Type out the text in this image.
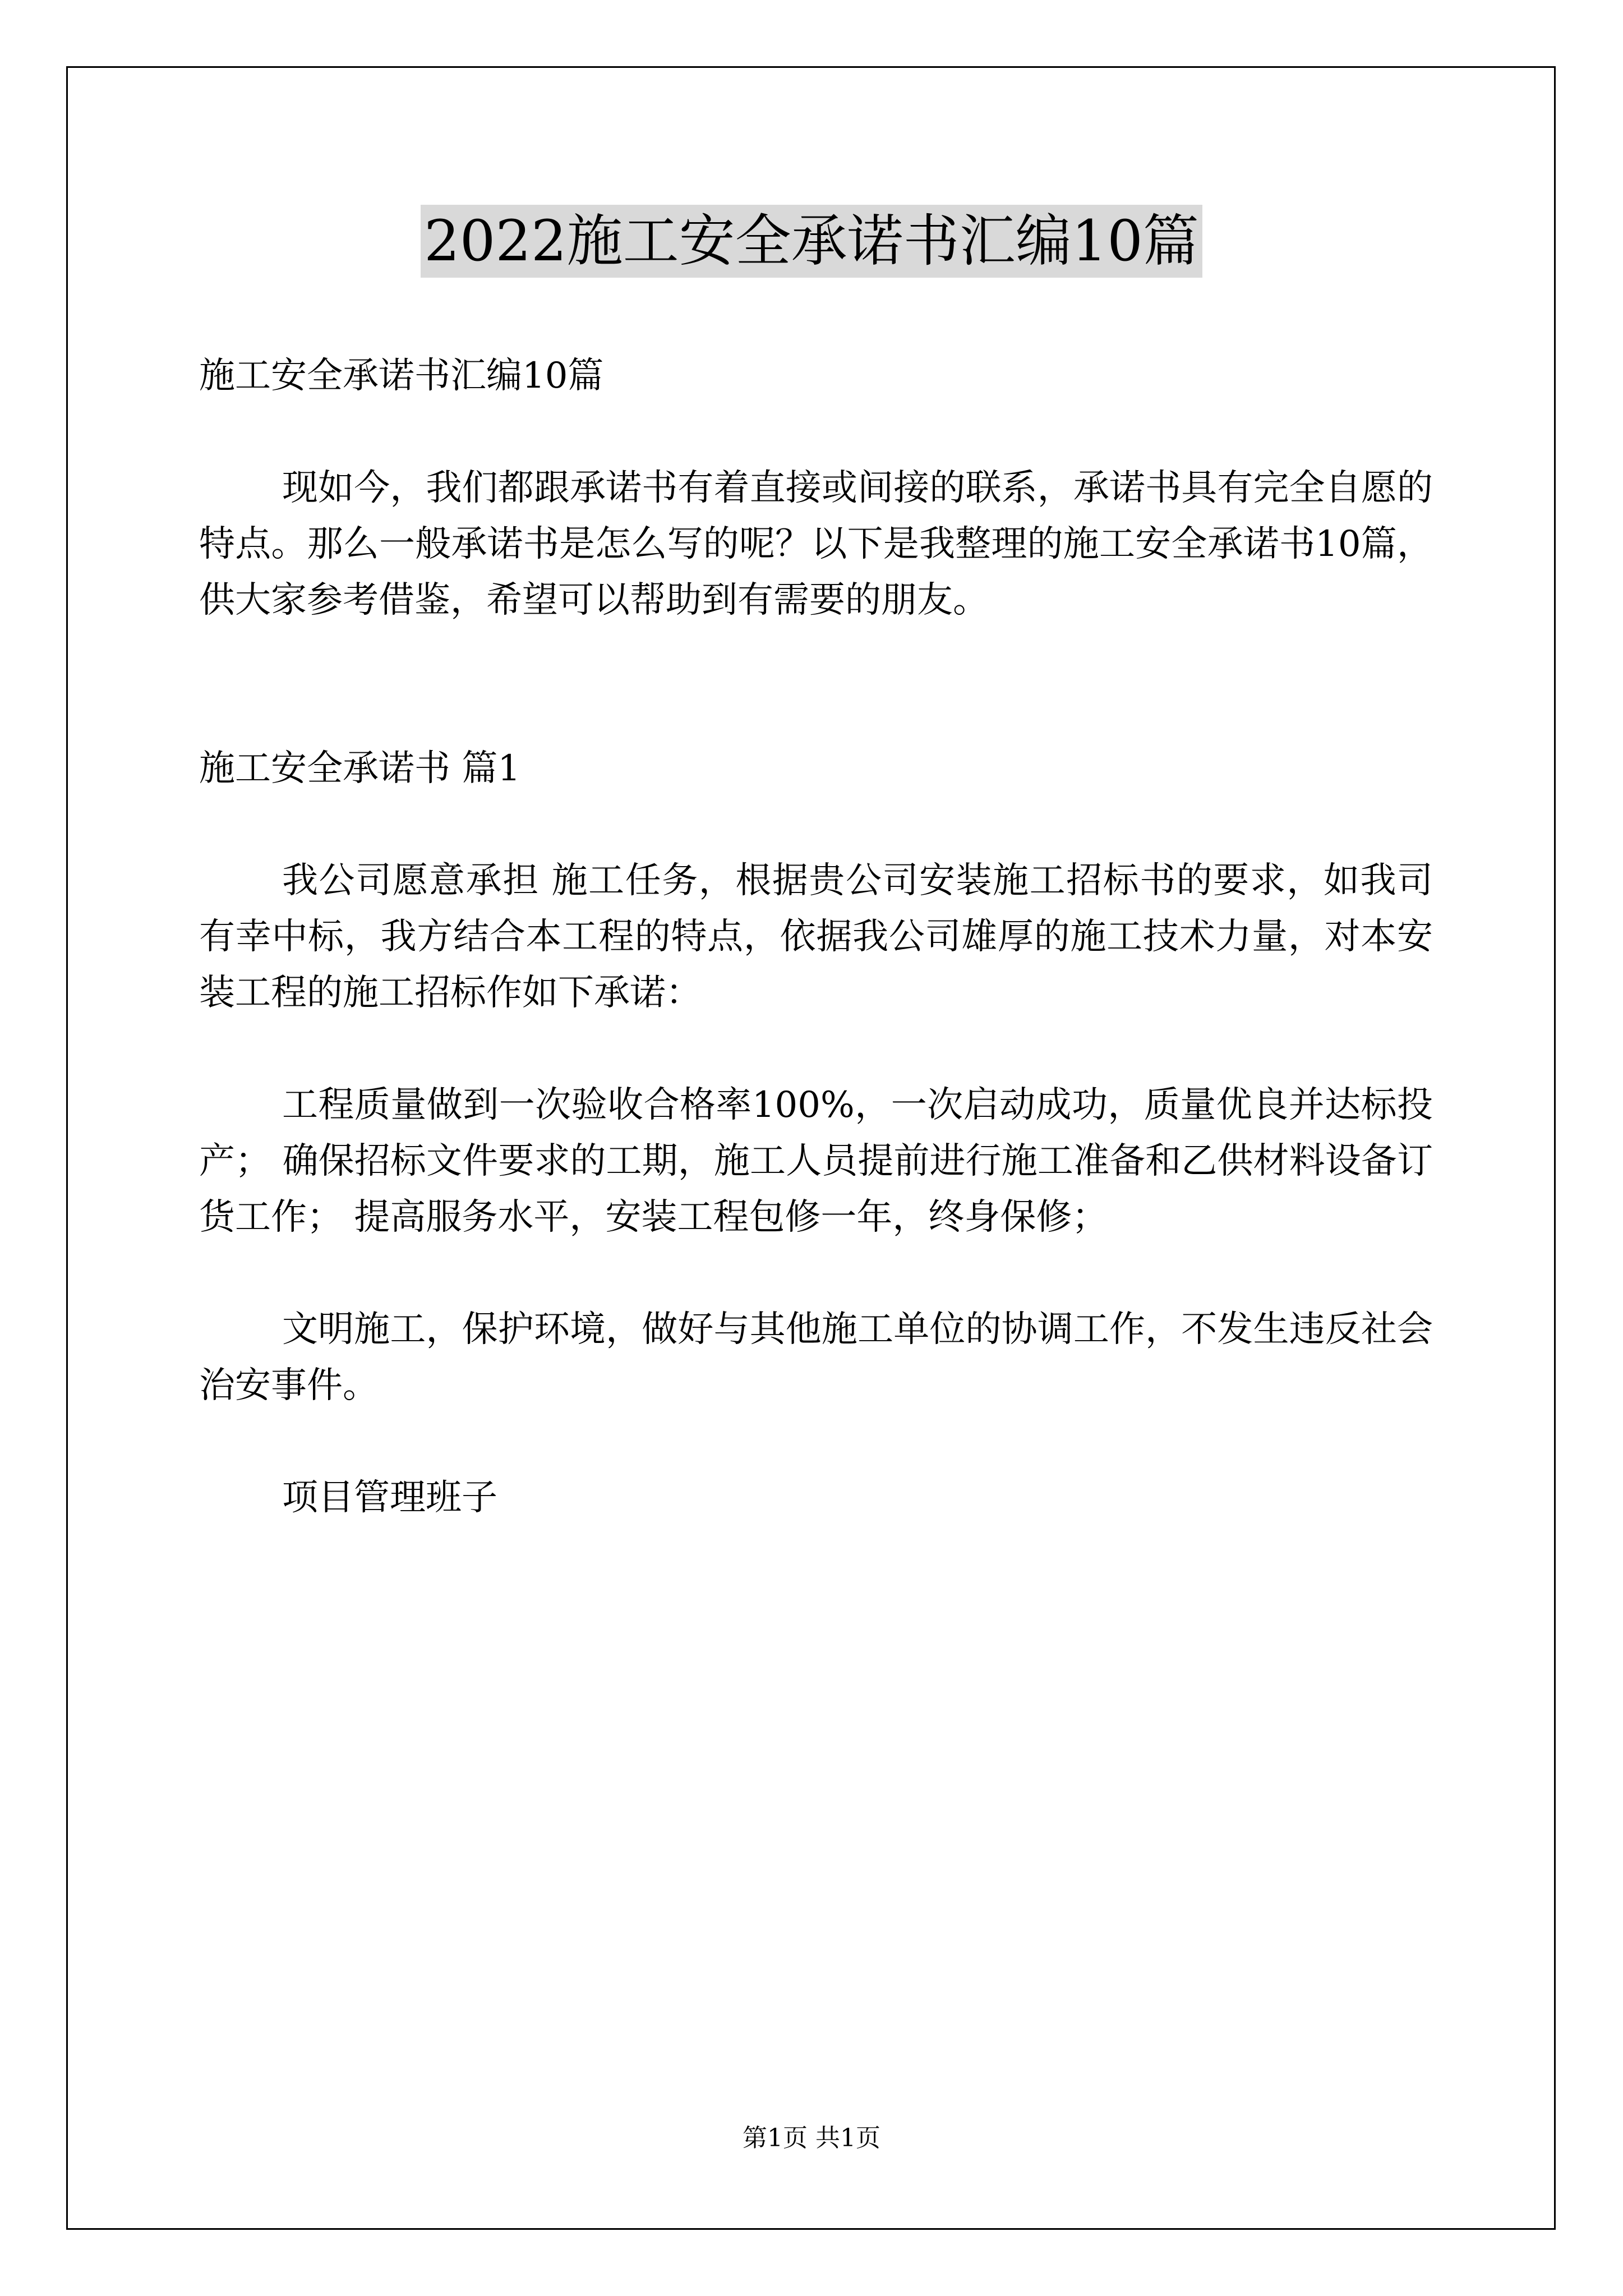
2022施工安全承诺书汇编10篇

施工安全承诺书汇编10篇

现如今，我们都跟承诺书有着直接或间接的联系，承诺书具有完全自愿的特点。那么一般承诺书是怎么写的呢？以下是我整理的施工安全承诺书10篇，供大家参考借鉴，希望可以帮助到有需要的朋友。

施工安全承诺书 篇1

我公司愿意承担 施工任务，根据贵公司安装施工招标书的要求，如我司有幸中标，我方结合本工程的特点，依据我公司雄厚的施工技术力量，对本安装工程的施工招标作如下承诺：

工程质量做到一次验收合格率100%，一次启动成功，质量优良并达标投产； 确保招标文件要求的工期，施工人员提前进行施工准备和乙供材料设备订货工作； 提高服务水平，安装工程包修一年，终身保修；

文明施工，保护环境，做好与其他施工单位的协调工作，不发生违反社会治安事件。

项目管理班子

第1页 共1页
